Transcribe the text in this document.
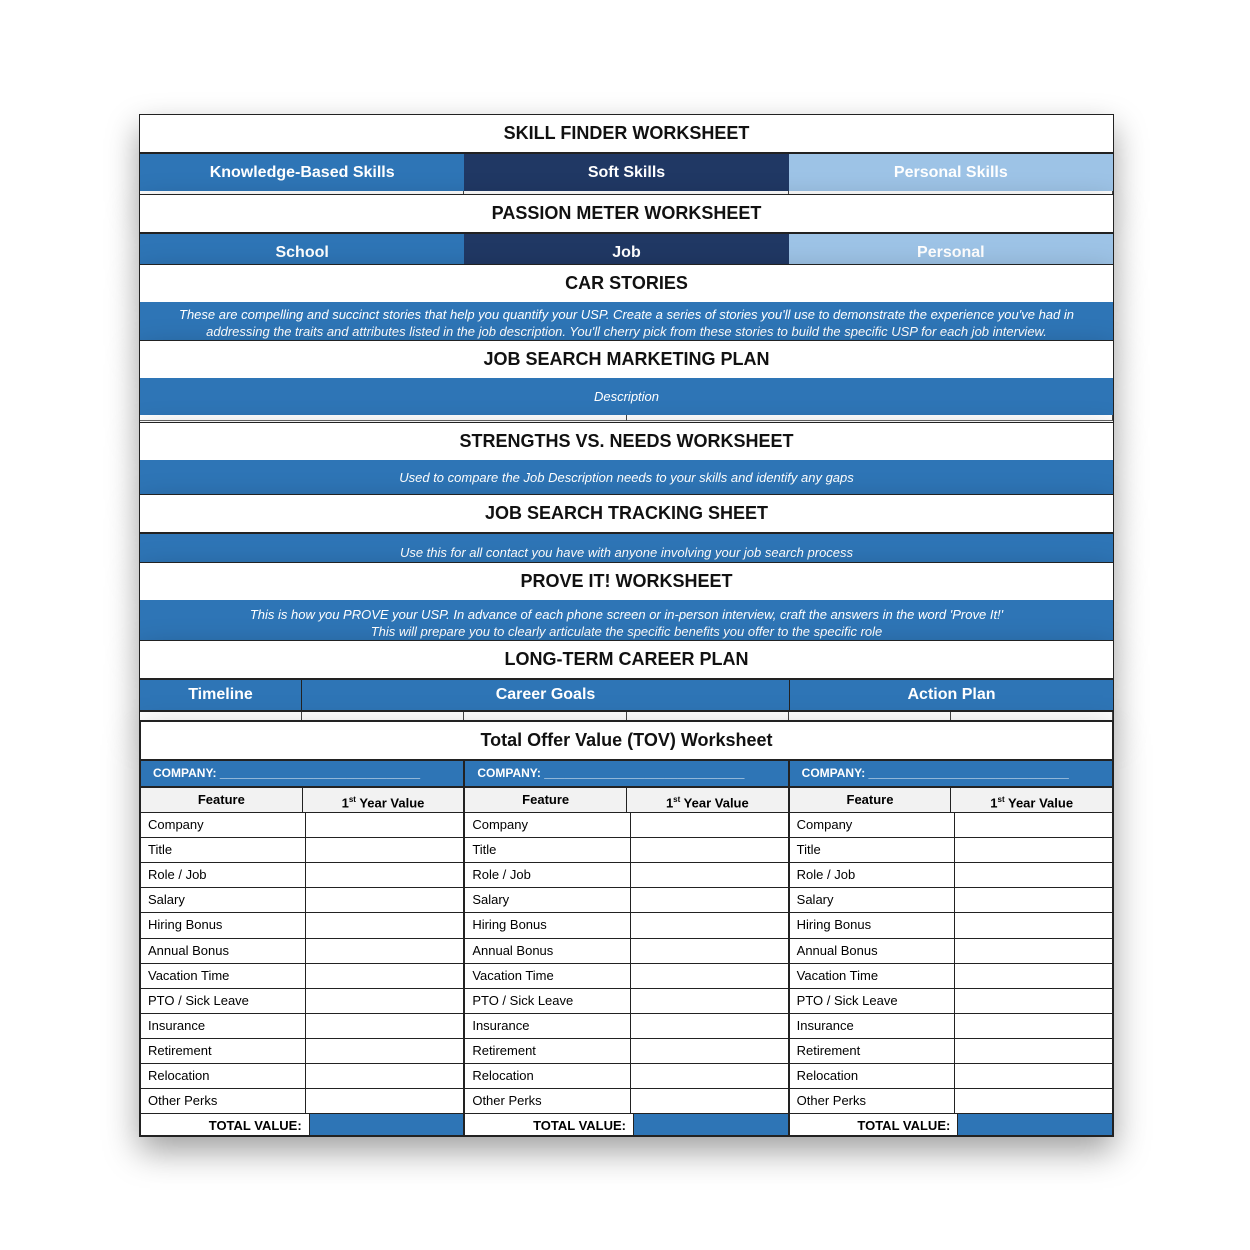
SKILL FINDER WORKSHEET
Knowledge-Based Skills	Soft Skills	Personal Skills
PASSION METER WORKSHEET
School	Job	Personal
CAR STORIES
These are compelling and succinct stories that help you quantify your USP. Create a series of stories you'll use to demonstrate the experience you've had in
addressing the traits and attributes listed in the job description. You'll cherry pick from these stories to build the specific USP for each job interview.
JOB SEARCH MARKETING PLAN
Description
STRENGTHS VS. NEEDS WORKSHEET
Used to compare the Job Description needs to your skills and identify any gaps
JOB SEARCH TRACKING SHEET
Use this for all contact you have with anyone involving your job search process
PROVE IT! WORKSHEET
This is how you PROVE your USP. In advance of each phone screen or in-person interview, craft the answers in the word 'Prove It!'
This will prepare you to clearly articulate the specific benefits you offer to the specific role
LONG-TERM CAREER PLAN
Timeline	Career Goals	Action Plan
Total Offer Value (TOV) Worksheet
COMPANY: ______________________________
Feature	1st Year Value
Company
Title
Role / Job
Salary
Hiring Bonus
Annual Bonus
Vacation Time
PTO / Sick Leave
Insurance
Retirement
Relocation
Other Perks
TOTAL VALUE:
COMPANY: ______________________________
Feature	1st Year Value
Company
Title
Role / Job
Salary
Hiring Bonus
Annual Bonus
Vacation Time
PTO / Sick Leave
Insurance
Retirement
Relocation
Other Perks
TOTAL VALUE:
COMPANY: ______________________________
Feature	1st Year Value
Company
Title
Role / Job
Salary
Hiring Bonus
Annual Bonus
Vacation Time
PTO / Sick Leave
Insurance
Retirement
Relocation
Other Perks
TOTAL VALUE:
